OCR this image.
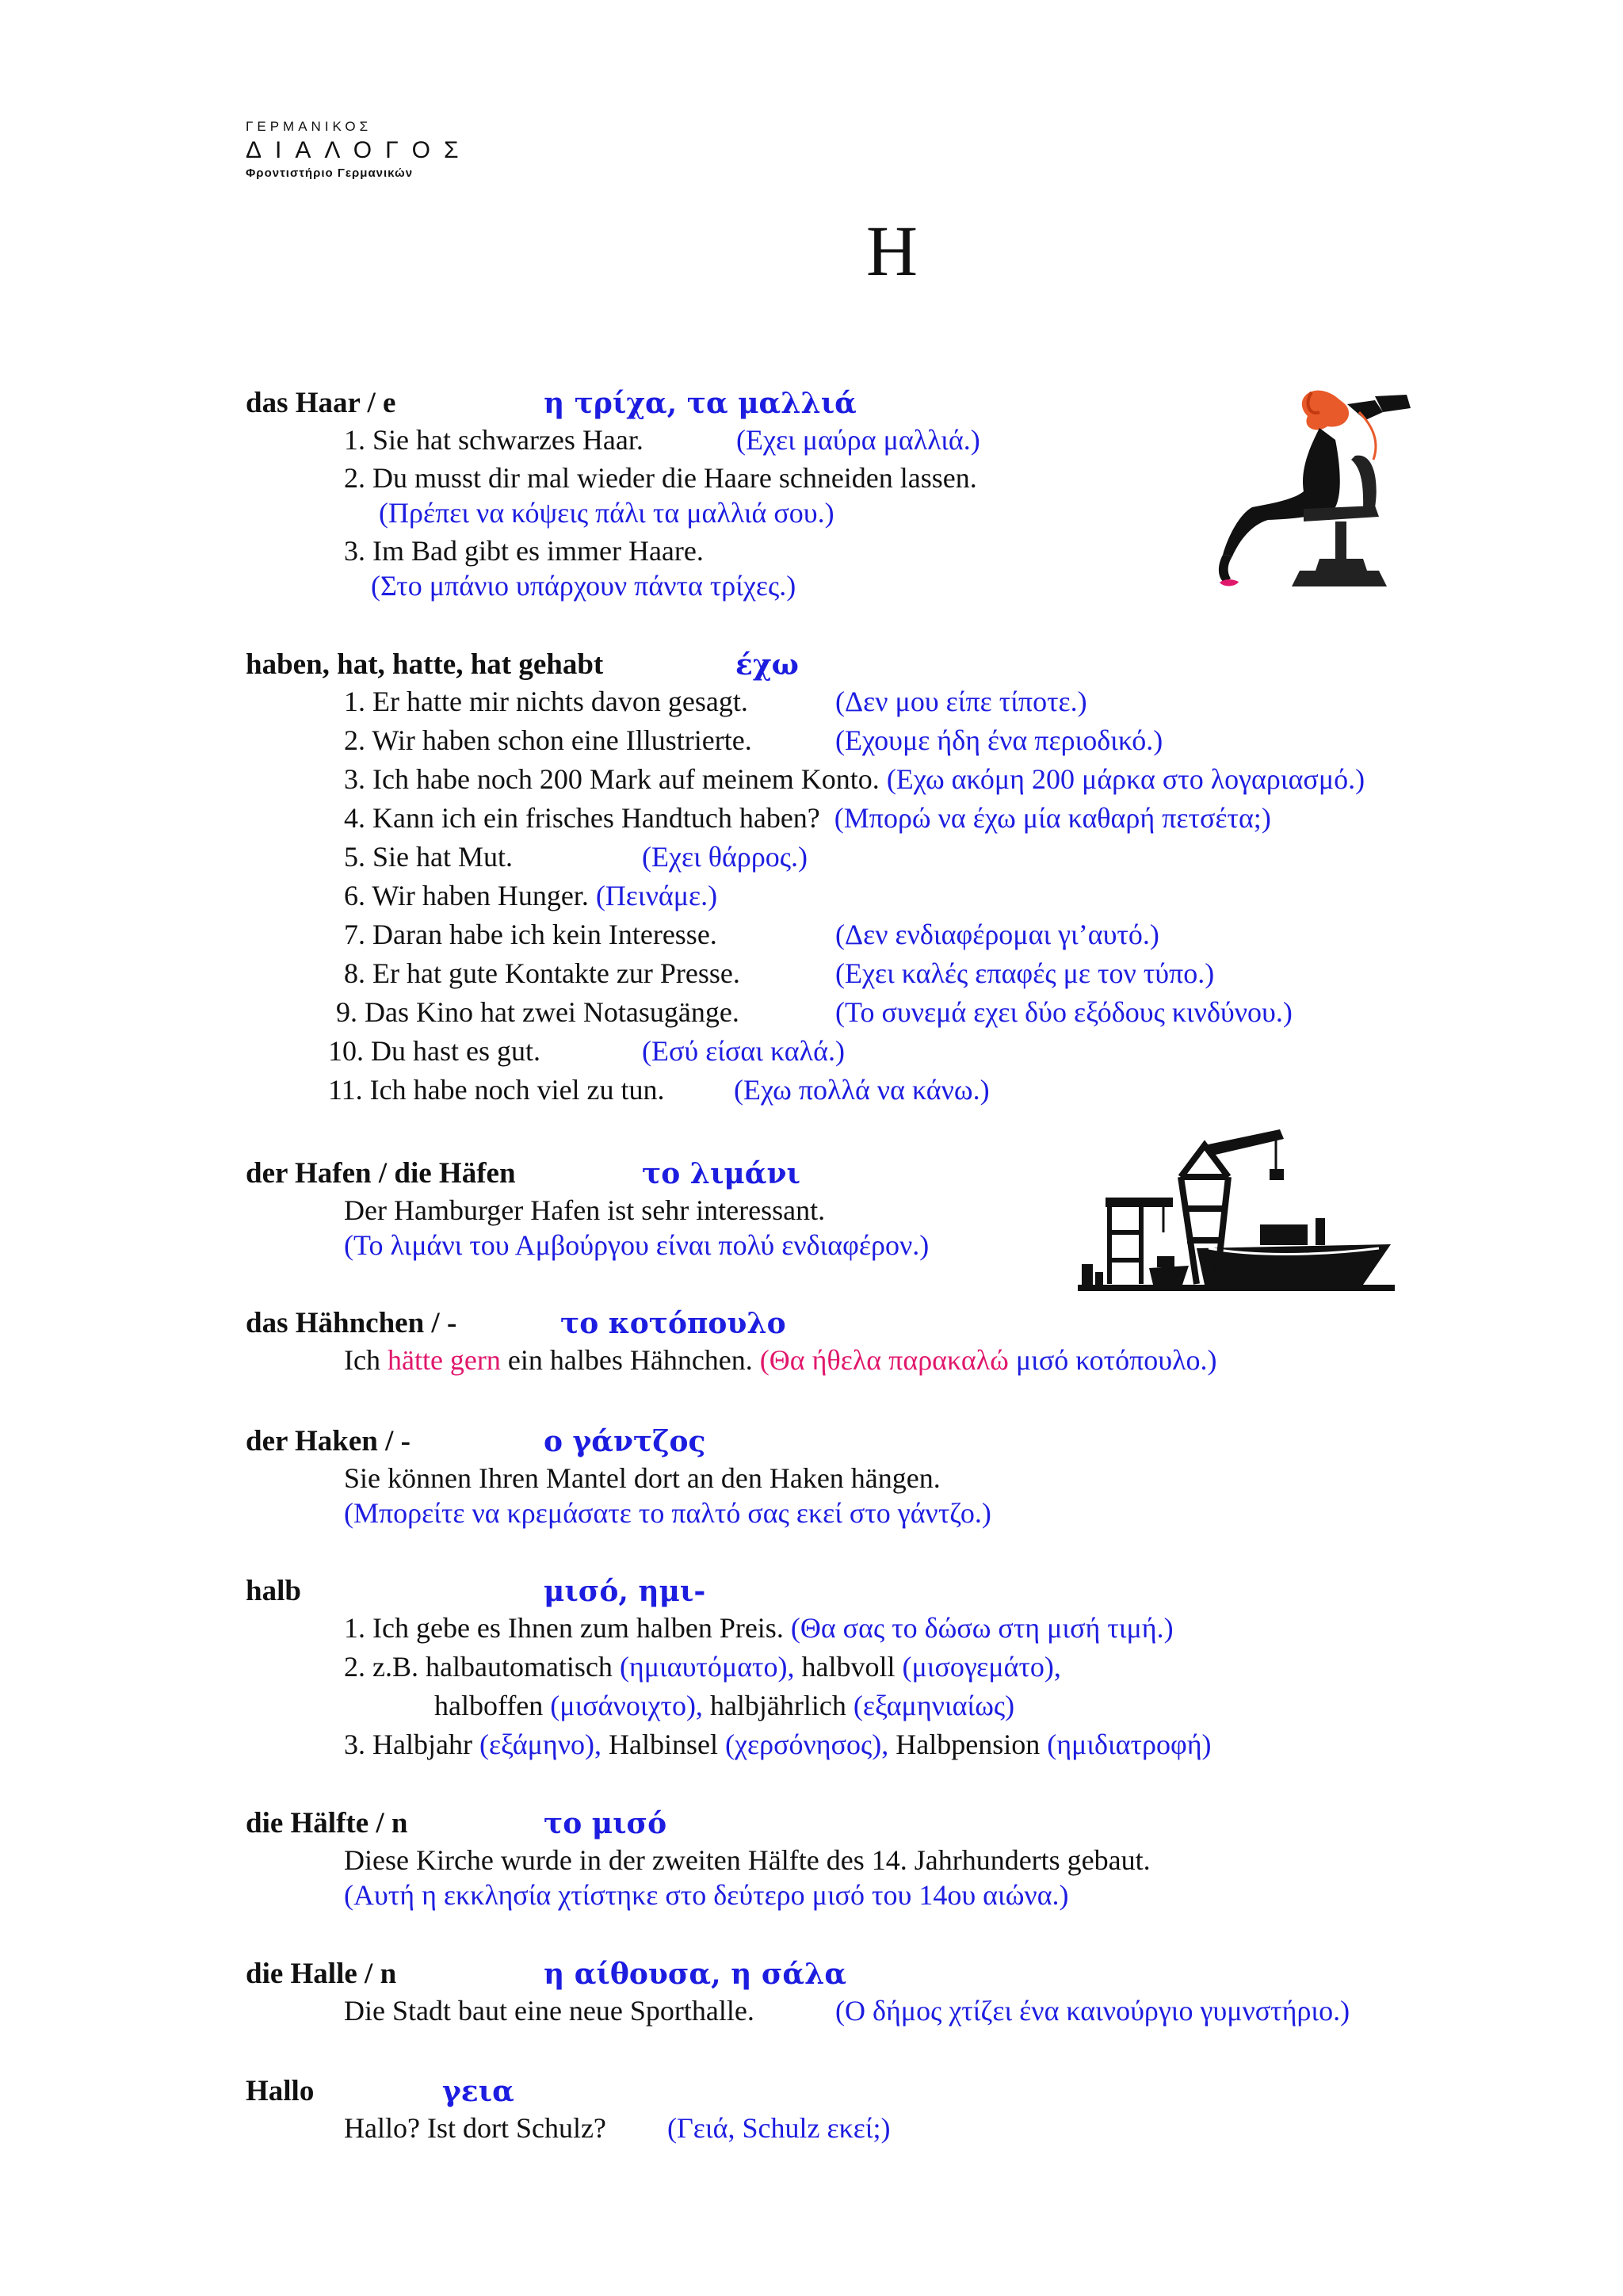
ΓΕΡΜΑΝΙΚΟΣ
ΔΙΑΛΟΓΟΣ
Φροντιστήριο Γερμανικών
H
das Haar / e	η τρίχα, τα μαλλιά
1. Sie hat schwarzes Haar.	(Εχει μαύρα μαλλιά.)
2. Du musst dir mal wieder die Haare schneiden lassen.
(Πρέπει να κόψεις πάλι τα μαλλιά σου.)
3. Im Bad gibt es immer Haare.
(Στο μπάνιο υπάρχουν πάντα τρίχες.)
haben, hat, hatte, hat gehabt	έχω
1. Er hatte mir nichts davon gesagt.	(Δεν μου είπε τίποτε.)
2. Wir haben schon eine Illustrierte.	(Εχουμε ήδη ένα περιοδικό.)
3. Ich habe noch 200 Mark auf meinem Konto. (Εχω ακόμη 200 μάρκα στο λογαριασμό.)
4. Kann ich ein frisches Handtuch haben? (Μπορώ να έχω μία καθαρή πετσέτα;)
5. Sie hat Mut.	(Εχει θάρρος.)
6. Wir haben Hunger. (Πεινάμε.)
7. Daran habe ich kein Interesse.	(Δεν ενδιαφέρομαι γι’αυτό.)
8. Er hat gute Kontakte zur Presse.	(Εχει καλές επαφές με τον τύπο.)
9. Das Kino hat zwei Notasugänge.	(Το συνεμά εχει δύο εξόδους κινδύνου.)
10. Du hast es gut.	(Εσύ είσαι καλά.)
11. Ich habe noch viel zu tun. (Εχω πολλά να κάνω.)
der Hafen / die Häfen	το λιμάνι
Der Hamburger Hafen ist sehr interessant.
(Το λιμάνι του Αμβούργου είναι πολύ ενδιαφέρον.)
das Hähnchen / -	το κοτόπουλο
Ich hätte gern ein halbes Hähnchen. (Θα ήθελα παρακαλώ μισό κοτόπουλο.)
der Haken / -	ο γάντζος
Sie können Ihren Mantel dort an den Haken hängen.
(Μπορείτε να κρεμάσατε το παλτό σας εκεί στο γάντζο.)
halb	μισό, ημι-
1. Ich gebe es Ihnen zum halben Preis. (Θα σας το δώσω στη μισή τιμή.)
2. z.B. halbautomatisch (ημιαυτόματο), halbvoll (μισογεμάτο),
halboffen (μισάνοιχτο), halbjährlich (εξαμηνιαίως)
3. Halbjahr (εξάμηνο), Halbinsel (χερσόνησος), Halbpension (ημιδιατροφή)
die Hälfte / n	το μισό
Diese Kirche wurde in der zweiten Hälfte des 14. Jahrhunderts gebaut.
(Αυτή η εκκλησία χτίστηκε στο δεύτερο μισό του 14ου αιώνα.)
die Halle / n	η αίθουσα, η σάλα
Die Stadt baut eine neue Sporthalle.	(Ο δήμος χτίζει ένα καινούργιο γυμνστήριο.)
Hallo	γεια
Hallo? Ist dort Schulz? (Γειά, Schulz εκεί;)
